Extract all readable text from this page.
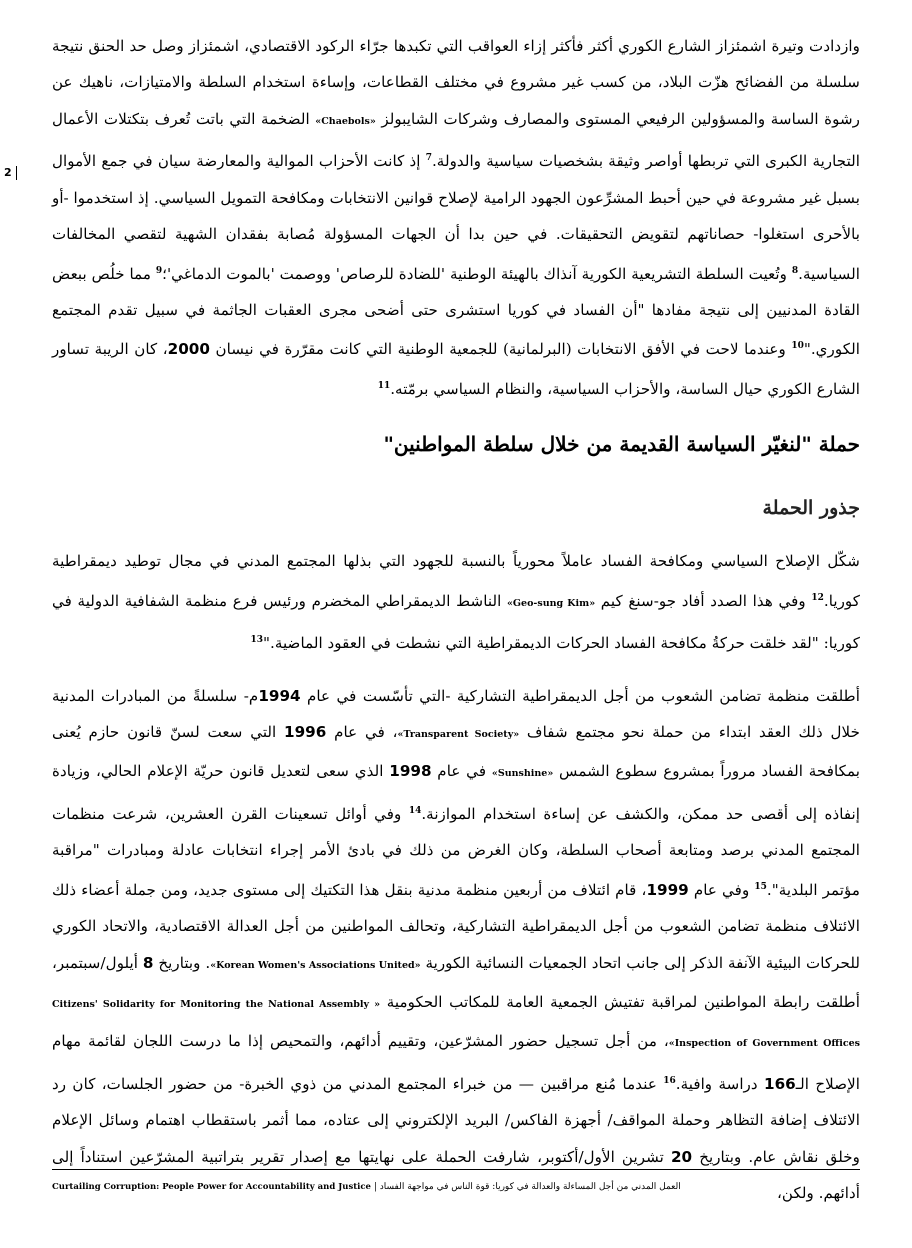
2

وازدادت وتيرة اشمئزاز الشارع الكوري أكثر فأكثر إزاء العواقب التي تكبدها جرّاء الركود الاقتصادي، اشمئزاز وصل حد الحنق نتيجة سلسلة من الفضائح هزّت البلاد، من كسب غير مشروع في مختلف القطاعات، وإساءة استخدام السلطة والامتيازات، ناهيك عن رشوة الساسة والمسؤولين الرفيعي المستوى والمصارف وشركات الشايبولز «Chaebols» الضخمة التي باتت تُعرف بتكتلات الأعمال التجارية الكبرى التي تربطها أواصر وثيقة بشخصيات سياسية والدولة.$^7$ إذ كانت الأحزاب الموالية والمعارضة سيان في جمع الأموال بسبل غير مشروعة في حين أحبط المشرِّعون الجهود الرامية لإصلاح قوانين الانتخابات ومكافحة التمويل السياسي. إذ استخدموا -أو بالأحرى استغلوا- حصاناتهم لتقويض التحقيقات. في حين بدا أن الجهات المسؤولة مُصابة بفقدان الشهية لتقصي المخالفات السياسية.$^8$ وتُعيت السلطة التشريعية الكورية آنذاك بالهيئة الوطنية 'للضادة للرصاص' ووصمت 'بالموت الدماغي'؛$^9$ مما خلُص ببعض القادة المدنيين إلى نتيجة مفادها "أن الفساد في كوريا استشرى حتى أضحى مجرى العقبات الجاثمة في سبيل تقدم المجتمع الكوري."$^{10}$ وعندما لاحت في الأفق الانتخابات (البرلمانية) للجمعية الوطنية التي كانت مقرّرة في نيسان 2000، كان الريبة تساور الشارع الكوري حيال الساسة، والأحزاب السياسية، والنظام السياسي برمّته.$^{11}$

حملة "لنغيّر السياسة القديمة من خلال سلطة المواطنين"
جذور الحملة

شكّل الإصلاح السياسي ومكافحة الفساد عاملاً محورياً بالنسبة للجهود التي بذلها المجتمع المدني في مجال توطيد ديمقراطية كوريا.$^{12}$ وفي هذا الصدد أفاد جو-سنغ كيم «Geo-sung Kim» الناشط الديمقراطي المخضرم ورئيس فرع منظمة الشفافية الدولية في كوريا: "لقد خلقت حركةُ مكافحة الفساد الحركات الديمقراطية التي نشطت في العقود الماضية."$^{13}$

أطلقت منظمة تضامن الشعوب من أجل الديمقراطية التشاركية -التي تأسّست في عام 1994م- سلسلةً من المبادرات المدنية خلال ذلك العقد ابتداء من حملة نحو مجتمع شفاف «Transparent Society»، في عام 1996 التي سعت لسنّ قانون حازم يُعنى بمكافحة الفساد مروراً بمشروع سطوع الشمس «Sunshine» في عام 1998 الذي سعى لتعديل قانون حريّة الإعلام الحالي، وزيادة إنفاذه إلى أقصى حد ممكن، والكشف عن إساءة استخدام الموازنة.$^{14}$ وفي أوائل تسعينات القرن العشرين، شرعت منظمات المجتمع المدني برصد ومتابعة أصحاب السلطة، وكان الغرض من ذلك في بادئ الأمر إجراء انتخابات عادلة ومبادرات "مراقبة مؤتمر البلدية".$^{15}$ وفي عام 1999، قام ائتلاف من أربعين منظمة مدنية بنقل هذا التكتيك إلى مستوى جديد، ومن جملة أعضاء ذلك الائتلاف منظمة تضامن الشعوب من أجل الديمقراطية التشاركية، وتحالف المواطنين من أجل العدالة الاقتصادية، والاتحاد الكوري للحركات البيئية الآنفة الذكر إلى جانب اتحاد الجمعيات النسائية الكورية «Korean Women's Associations United». وبتاريخ 8 أيلول/سبتمبر، أطلقت رابطة المواطنين لمراقبة تفتيش الجمعية العامة للمكاتب الحكومية « Citizens' Solidarity for Monitoring the National Assembly Inspection of Government Offices»، من أجل تسجيل حضور المشرّعين، وتقييم أدائهم، والتمحيص إذا ما درست اللجان لقائمة مهام الإصلاح الـ166 دراسة وافية.$^{16}$ عندما مُنع مراقبين — من خبراء المجتمع المدني من ذوي الخبرة- من حضور الجلسات، كان رد الائتلاف إضافة التظاهر وحملة المواقف/ أجهزة الفاكس/ البريد الإلكتروني إلى عتاده، مما أثمر باستقطاب اهتمام وسائل الإعلام وخلق نقاش عام. وبتاريخ 20 تشرين الأول/أكتوبر، شارفت الحملة على نهايتها مع إصدار تقرير بتراتبية المشرّعين استناداً إلى أدائهم. ولكن،

Curtailing Corruption: People Power for Accountability and Justice | العمل المدني من أجل المساءلة والعدالة في كوريا: قوة الناس في مواجهة الفساد
